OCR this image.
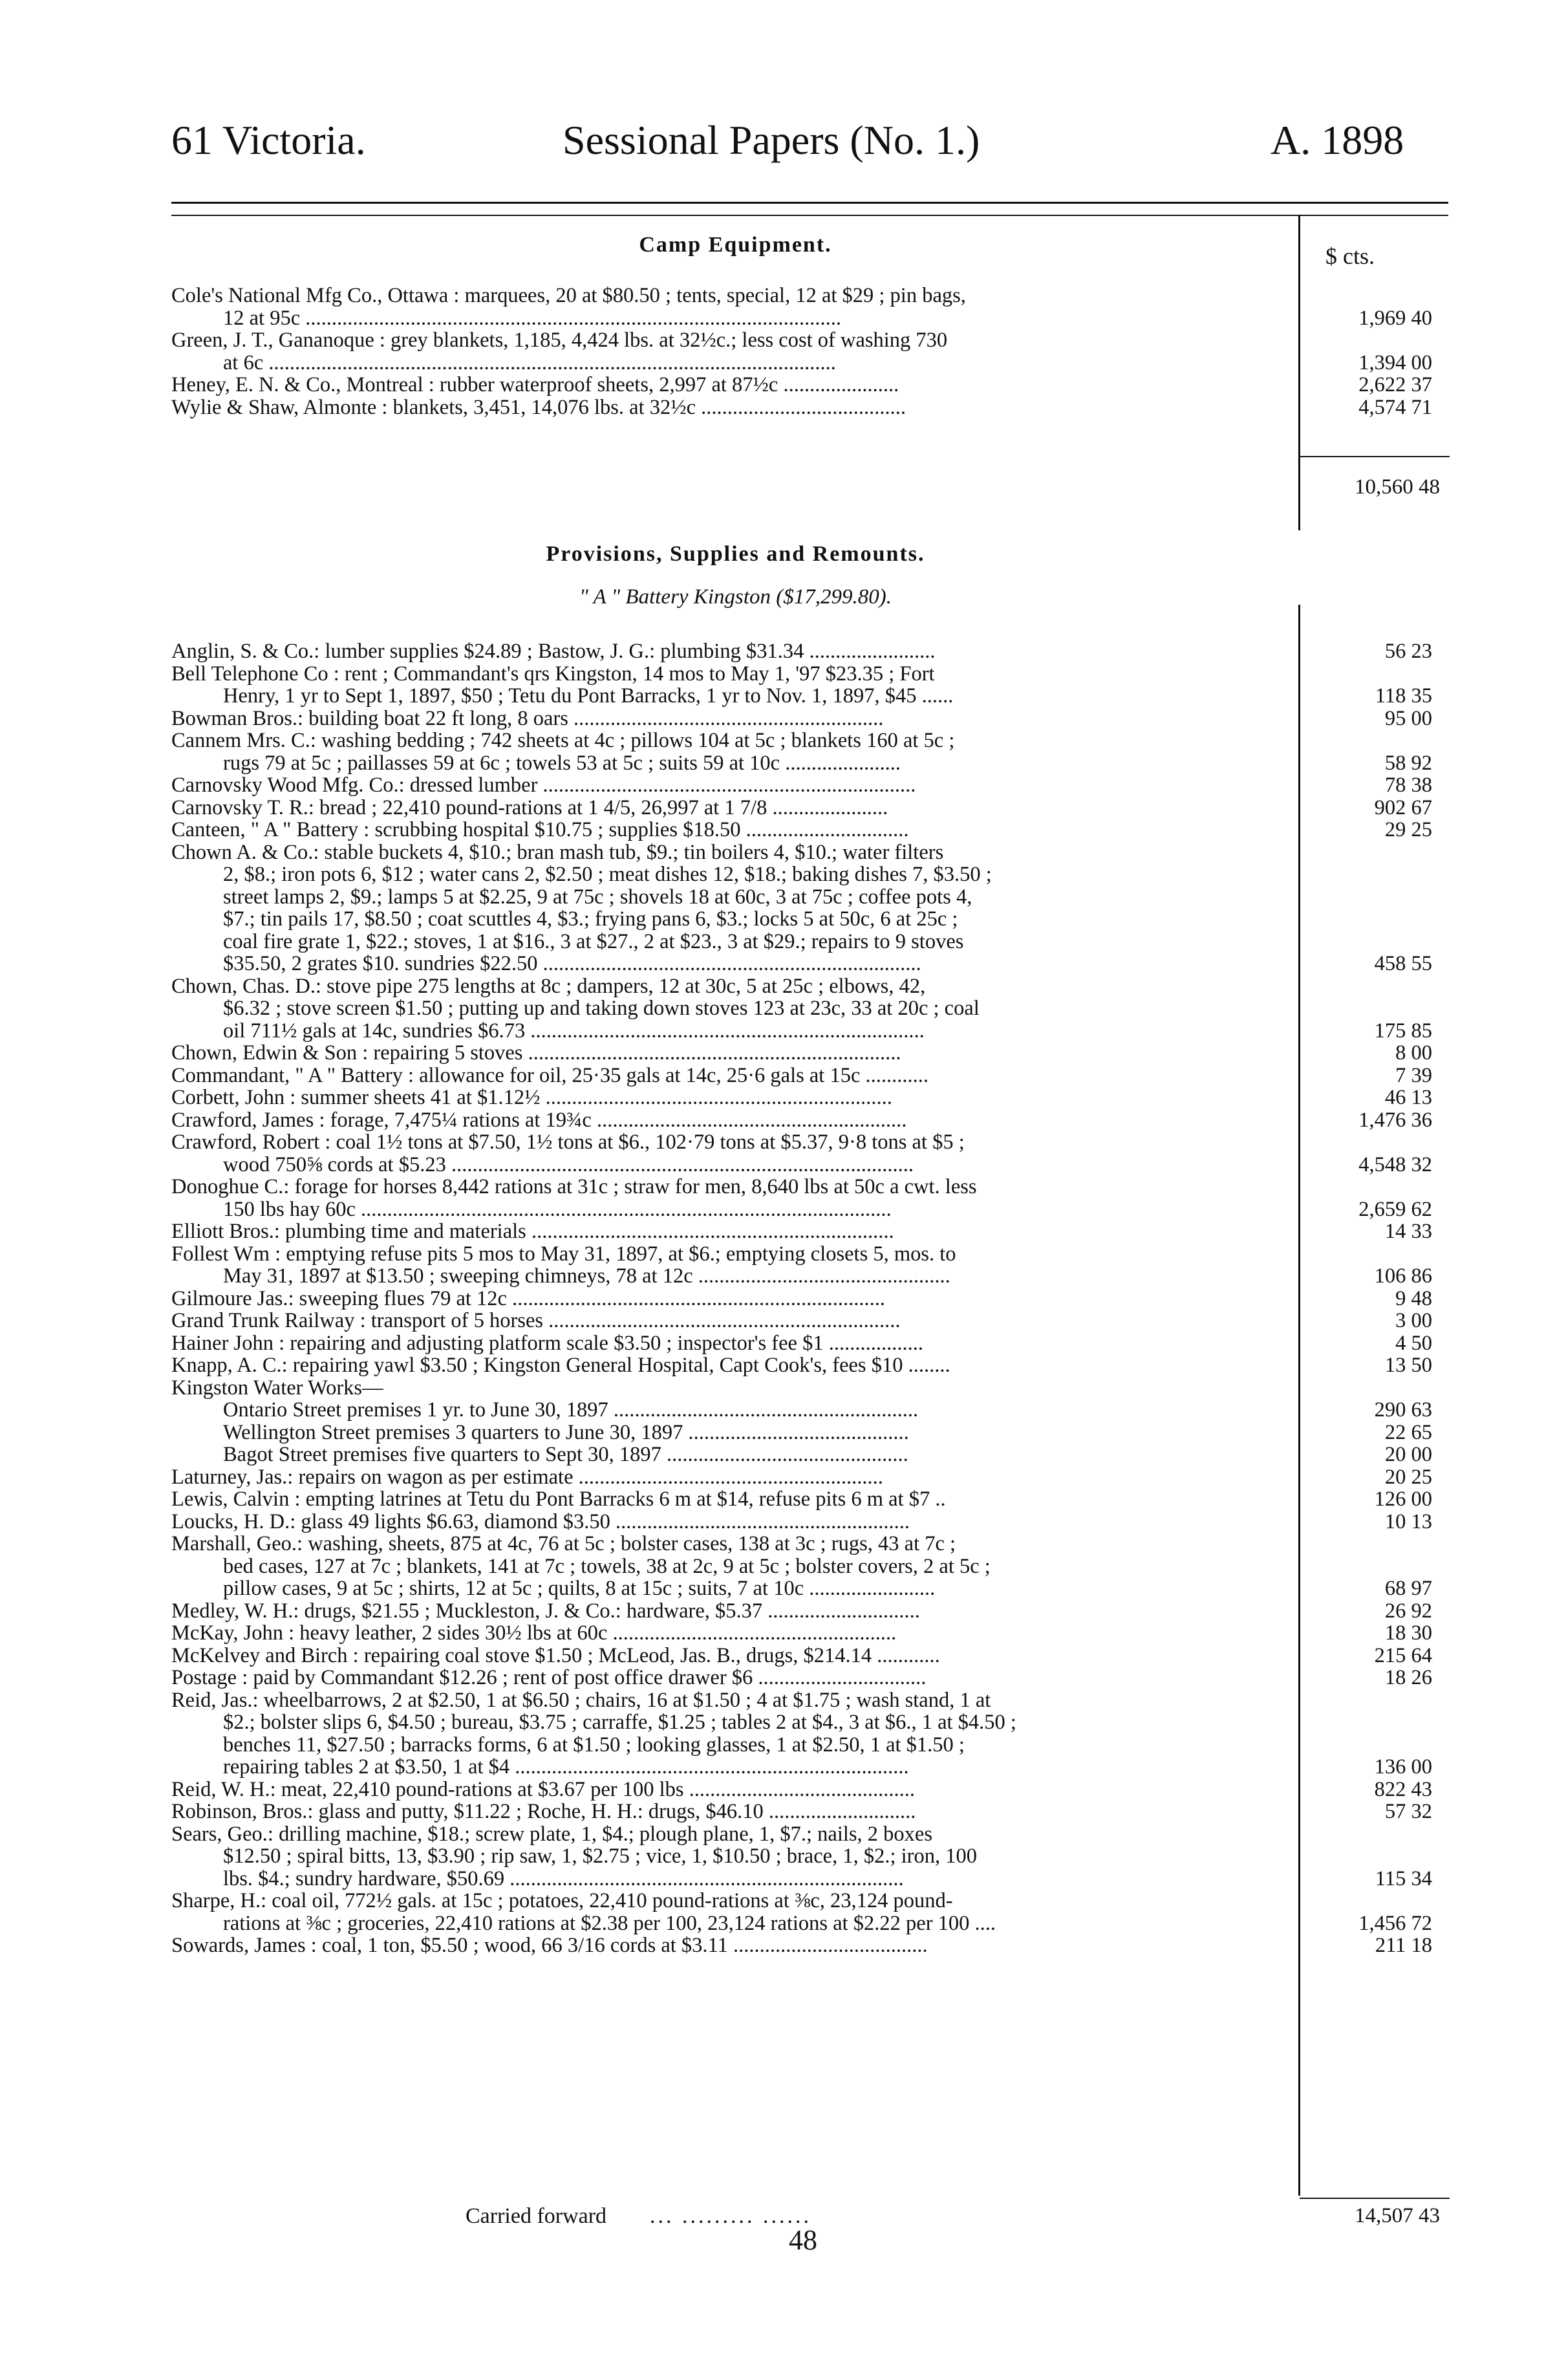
61 Victoria.	Sessional Papers (No. 1.)	A. 1898
Camp Equipment.	$ cts.
Cole's National Mfg Co., Ottawa : marquees, 20 at $80.50 ; tents, special, 12 at $29 ; pin bags,
12 at 95c ......................................................................................................	1,969 40
Green, J. T., Gananoque : grey blankets, 1,185, 4,424 lbs. at 32½c.; less cost of washing 730
at 6c ............................................................................................................	1,394 00
Heney, E. N. & Co., Montreal : rubber waterproof sheets, 2,997 at 87½c ......................	2,622 37
Wylie & Shaw, Almonte : blankets, 3,451, 14,076 lbs. at 32½c .......................................	4,574 71
10,560 48
Provisions, Supplies and Remounts.
" A " Battery Kingston ($17,299.80).
Anglin, S. & Co.: lumber supplies $24.89 ; Bastow, J. G.: plumbing $31.34 ........................	56 23
Bell Telephone Co : rent ; Commandant's qrs Kingston, 14 mos to May 1, '97 $23.35 ; Fort
Henry, 1 yr to Sept 1, 1897, $50 ; Tetu du Pont Barracks, 1 yr to Nov. 1, 1897, $45 ......	118 35
Bowman Bros.: building boat 22 ft long, 8 oars ...........................................................	95 00
Cannem Mrs. C.: washing bedding ; 742 sheets at 4c ; pillows 104 at 5c ; blankets 160 at 5c ;
rugs 79 at 5c ; paillasses 59 at 6c ; towels 53 at 5c ; suits 59 at 10c ......................	58 92
Carnovsky Wood Mfg. Co.: dressed lumber .......................................................................	78 38
Carnovsky T. R.: bread ; 22,410 pound-rations at 1 4/5, 26,997 at 1 7/8 ......................	902 67
Canteen, " A " Battery : scrubbing hospital $10.75 ; supplies $18.50 ...............................	29 25
Chown A. & Co.: stable buckets 4, $10.; bran mash tub, $9.; tin boilers 4, $10.; water filters
2, $8.; iron pots 6, $12 ; water cans 2, $2.50 ; meat dishes 12, $18.; baking dishes 7, $3.50 ;
street lamps 2, $9.; lamps 5 at $2.25, 9 at 75c ; shovels 18 at 60c, 3 at 75c ; coffee pots 4,
$7.; tin pails 17, $8.50 ; coat scuttles 4, $3.; frying pans 6, $3.; locks 5 at 50c, 6 at 25c ;
coal fire grate 1, $22.; stoves, 1 at $16., 3 at $27., 2 at $23., 3 at $29.; repairs to 9 stoves
$35.50, 2 grates $10. sundries $22.50 ........................................................................	458 55
Chown, Chas. D.: stove pipe 275 lengths at 8c ; dampers, 12 at 30c, 5 at 25c ; elbows, 42,
$6.32 ; stove screen $1.50 ; putting up and taking down stoves 123 at 23c, 33 at 20c ; coal
oil 711½ gals at 14c, sundries $6.73 ...........................................................................	175 85
Chown, Edwin & Son : repairing 5 stoves .......................................................................	8 00
Commandant, " A " Battery : allowance for oil, 25·35 gals at 14c, 25·6 gals at 15c ............	7 39
Corbett, John : summer sheets 41 at $1.12½ ..................................................................	46 13
Crawford, James : forage, 7,475¼ rations at 19¾c ...........................................................	1,476 36
Crawford, Robert : coal 1½ tons at $7.50, 1½ tons at $6., 102·79 tons at $5.37, 9·8 tons at $5 ;
wood 750⅝ cords at $5.23 ........................................................................................	4,548 32
Donoghue C.: forage for horses 8,442 rations at 31c ; straw for men, 8,640 lbs at 50c a cwt. less
150 lbs hay 60c .....................................................................................................	2,659 62
Elliott Bros.: plumbing time and materials .....................................................................	14 33
Follest Wm : emptying refuse pits 5 mos to May 31, 1897, at $6.; emptying closets 5, mos. to
May 31, 1897 at $13.50 ; sweeping chimneys, 78 at 12c ................................................	106 86
Gilmoure Jas.: sweeping flues 79 at 12c .......................................................................	9 48
Grand Trunk Railway : transport of 5 horses ...................................................................	3 00
Hainer John : repairing and adjusting platform scale $3.50 ; inspector's fee $1 ..................	4 50
Knapp, A. C.: repairing yawl $3.50 ; Kingston General Hospital, Capt Cook's, fees $10 ........	13 50
Kingston Water Works—
Ontario Street premises 1 yr. to June 30, 1897 ..........................................................	290 63
Wellington Street premises 3 quarters to June 30, 1897 ..........................................	22 65
Bagot Street premises five quarters to Sept 30, 1897 ..............................................	20 00
Laturney, Jas.: repairs on wagon as per estimate ..........................................................	20 25
Lewis, Calvin : empting latrines at Tetu du Pont Barracks 6 m at $14, refuse pits 6 m at $7 ..	126 00
Loucks, H. D.: glass 49 lights $6.63, diamond $3.50 ........................................................	10 13
Marshall, Geo.: washing, sheets, 875 at 4c, 76 at 5c ; bolster cases, 138 at 3c ; rugs, 43 at 7c ;
bed cases, 127 at 7c ; blankets, 141 at 7c ; towels, 38 at 2c, 9 at 5c ; bolster covers, 2 at 5c ;
pillow cases, 9 at 5c ; shirts, 12 at 5c ; quilts, 8 at 15c ; suits, 7 at 10c ........................	68 97
Medley, W. H.: drugs, $21.55 ; Muckleston, J. & Co.: hardware, $5.37 .............................	26 92
McKay, John : heavy leather, 2 sides 30½ lbs at 60c ......................................................	18 30
McKelvey and Birch : repairing coal stove $1.50 ; McLeod, Jas. B., drugs, $214.14 ............	215 64
Postage : paid by Commandant $12.26 ; rent of post office drawer $6 ................................	18 26
Reid, Jas.: wheelbarrows, 2 at $2.50, 1 at $6.50 ; chairs, 16 at $1.50 ; 4 at $1.75 ; wash stand, 1 at
$2.; bolster slips 6, $4.50 ; bureau, $3.75 ; carraffe, $1.25 ; tables 2 at $4., 3 at $6., 1 at $4.50 ;
benches 11, $27.50 ; barracks forms, 6 at $1.50 ; looking glasses, 1 at $2.50, 1 at $1.50 ;
repairing tables 2 at $3.50, 1 at $4 ...........................................................................	136 00
Reid, W. H.: meat, 22,410 pound-rations at $3.67 per 100 lbs ...........................................	822 43
Robinson, Bros.: glass and putty, $11.22 ; Roche, H. H.: drugs, $46.10 ............................	57 32
Sears, Geo.: drilling machine, $18.; screw plate, 1, $4.; plough plane, 1, $7.; nails, 2 boxes
$12.50 ; spiral bitts, 13, $3.90 ; rip saw, 1, $2.75 ; vice, 1, $10.50 ; brace, 1, $2.; iron, 100
lbs. $4.; sundry hardware, $50.69 ...........................................................................	115 34
Sharpe, H.: coal oil, 772½ gals. at 15c ; potatoes, 22,410 pound-rations at ⅜c, 23,124 pound-
rations at ⅜c ; groceries, 22,410 rations at $2.38 per 100, 23,124 rations at $2.22 per 100 ....	1,456 72
Sowards, James : coal, 1 ton, $5.50 ; wood, 66 3/16 cords at $3.11 .....................................	211 18
Carried forward ... ......... ......	14,507 43
48
